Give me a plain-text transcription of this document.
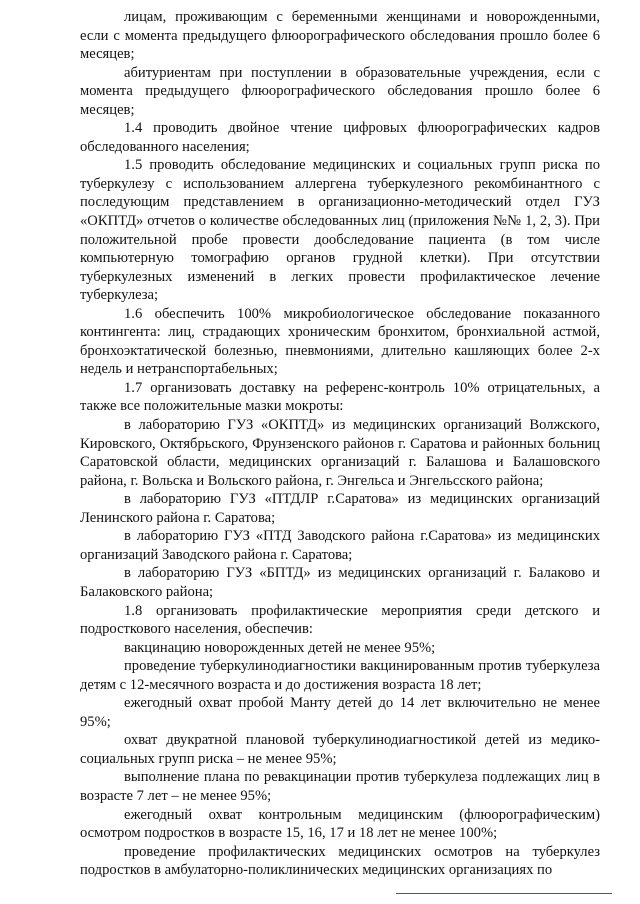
лицам, проживающим с беременными женщинами и новорожденными, если с момента предыдущего флюорографического обследования прошло более 6 месяцев;

абитуриентам при поступлении в образовательные учреждения, если с момента предыдущего флюорографического обследования прошло более 6 месяцев;

1.4 проводить двойное чтение цифровых флюорографических кадров обследованного населения;

1.5 проводить обследование медицинских и социальных групп риска по туберкулезу с использованием аллергена туберкулезного рекомбинантного с последующим представлением в организационно-методический отдел ГУЗ «ОКПТД» отчетов о количестве обследованных лиц (приложения №№ 1, 2, 3). При положительной пробе провести дообследование пациента (в том числе компьютерную томографию органов грудной клетки). При отсутствии туберкулезных изменений в легких провести профилактическое лечение туберкулеза;

1.6 обеспечить 100% микробиологическое обследование показанного контингента: лиц, страдающих хроническим бронхитом, бронхиальной астмой, бронхоэктатической болезнью, пневмониями, длительно кашляющих более 2-х недель и нетранспортабельных;

1.7 организовать доставку на референс-контроль 10% отрицательных, а также все положительные мазки мокроты:

в лабораторию ГУЗ «ОКПТД» из медицинских организаций Волжского, Кировского, Октябрьского, Фрунзенского районов г. Саратова и районных больниц Саратовской области, медицинских организаций г. Балашова и Балашовского района, г. Вольска и Вольского района, г. Энгельса и Энгельсского района;

в лабораторию ГУЗ «ПТДЛР г.Саратова» из медицинских организаций Ленинского района г. Саратова;

в лабораторию ГУЗ «ПТД Заводского района г.Саратова» из медицинских организаций Заводского района г. Саратова;

в лабораторию ГУЗ «БПТД» из медицинских организаций г. Балаково и Балаковского района;

1.8 организовать профилактические мероприятия среди детского и подросткового населения, обеспечив:

вакцинацию новорожденных детей не менее 95%;

проведение туберкулинодиагностики вакцинированным против туберкулеза детям с 12-месячного возраста и до достижения возраста 18 лет;

ежегодный охват пробой Манту детей до 14 лет включительно не менее 95%;

охват двукратной плановой туберкулинодиагностикой детей из медико-социальных групп риска – не менее 95%;

выполнение плана по ревакцинации против туберкулеза подлежащих лиц в возрасте 7 лет – не менее 95%;

ежегодный охват контрольным медицинским (флюорографическим) осмотром подростков в возрасте 15, 16, 17 и 18 лет не менее 100%;

проведение профилактических медицинских осмотров на туберкулез подростков в амбулаторно-поликлинических медицинских организациях по
